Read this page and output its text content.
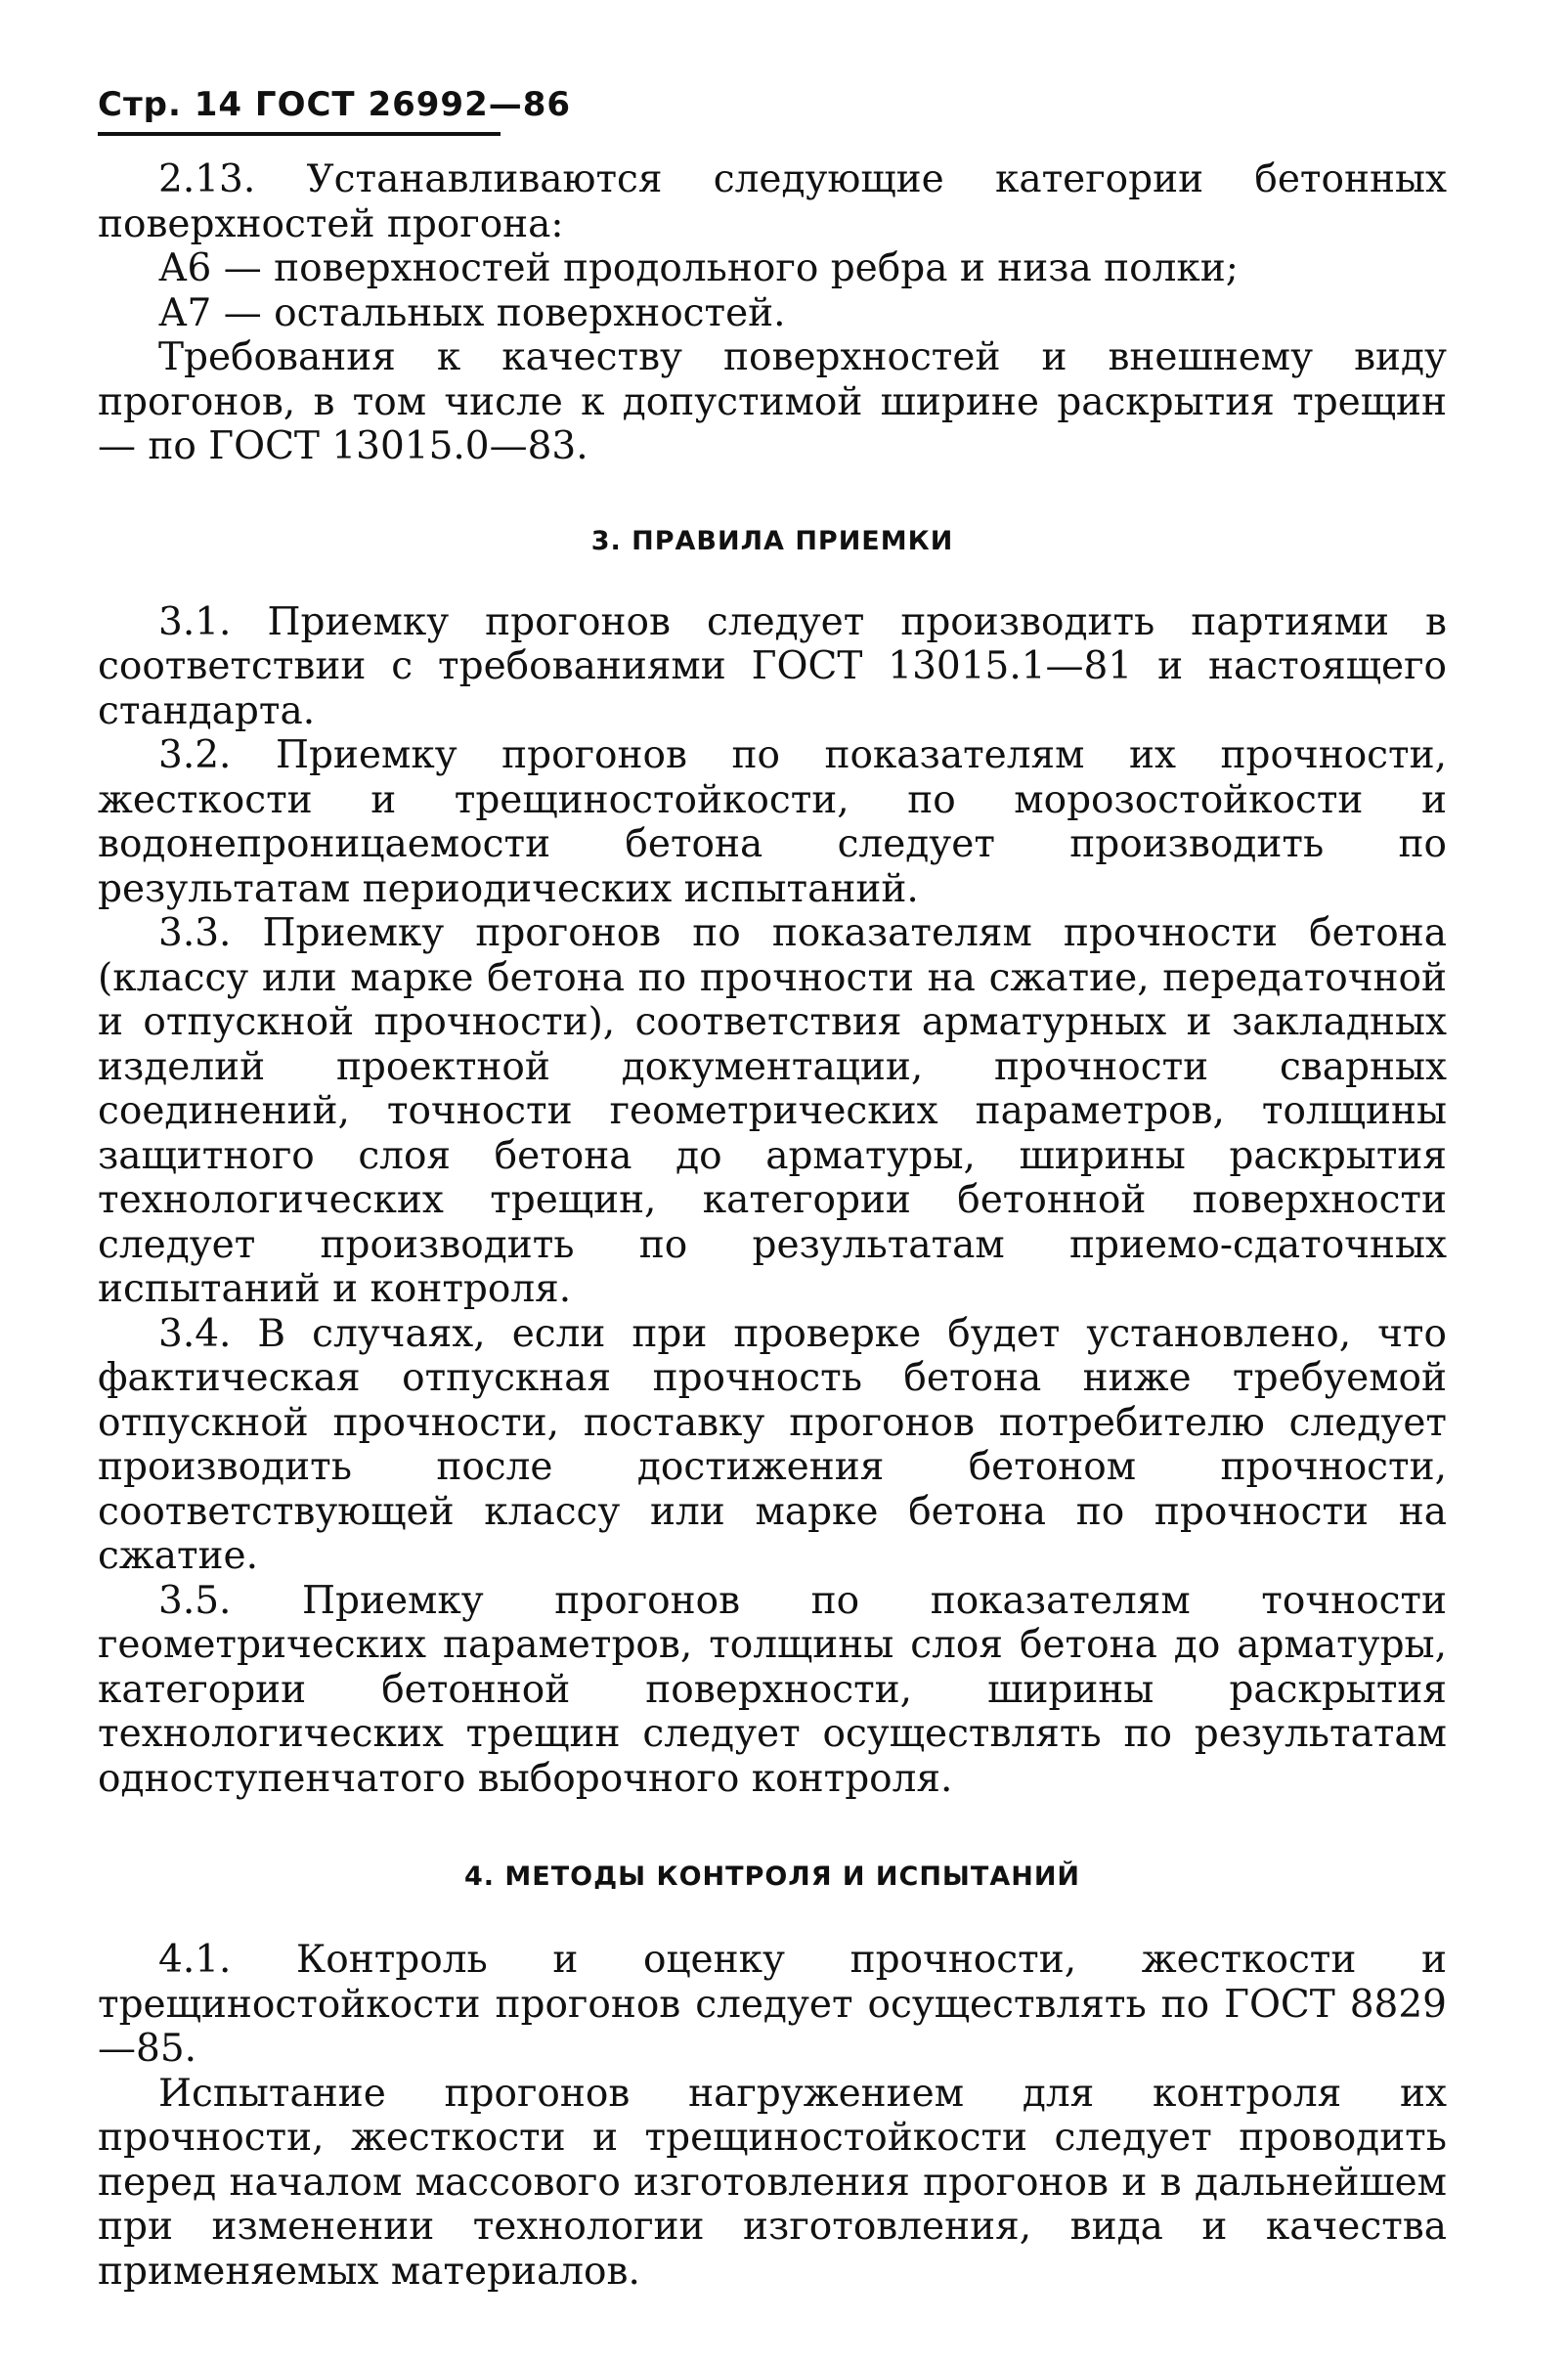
Стр. 14 ГОСТ 26992—86

2.13. Устанавливаются следующие категории бетонных поверхностей прогона:

А6 — поверхностей продольного ребра и низа полки;

А7 — остальных поверхностей.

Требования к качеству поверхностей и внешнему виду прогонов, в том числе к допустимой ширине раскрытия трещин — по ГОСТ 13015.0—83.

3. ПРАВИЛА ПРИЕМКИ

3.1. Приемку прогонов следует производить партиями в соответствии с требованиями ГОСТ 13015.1—81 и настоящего стандарта.

3.2. Приемку прогонов по показателям их прочности, жесткости и трещиностойкости, по морозостойкости и водонепроницаемости бетона следует производить по результатам периодических испытаний.

3.3. Приемку прогонов по показателям прочности бетона (классу или марке бетона по прочности на сжатие, передаточной и отпускной прочности), соответствия арматурных и закладных изделий проектной документации, прочности сварных соединений, точности геометрических параметров, толщины защитного слоя бетона до арматуры, ширины раскрытия технологических трещин, категории бетонной поверхности следует производить по результатам приемо-сдаточных испытаний и контроля.

3.4. В случаях, если при проверке будет установлено, что фактическая отпускная прочность бетона ниже требуемой отпускной прочности, поставку прогонов потребителю следует производить после достижения бетоном прочности, соответствующей классу или марке бетона по прочности на сжатие.

3.5. Приемку прогонов по показателям точности геометрических параметров, толщины слоя бетона до арматуры, категории бетонной поверхности, ширины раскрытия технологических трещин следует осуществлять по результатам одноступенчатого выборочного контроля.

4. МЕТОДЫ КОНТРОЛЯ И ИСПЫТАНИЙ

4.1. Контроль и оценку прочности, жесткости и трещиностойкости прогонов следует осуществлять по ГОСТ 8829—85.

Испытание прогонов нагружением для контроля их прочности, жесткости и трещиностойкости следует проводить перед началом массового изготовления прогонов и в дальнейшем при изменении технологии изготовления, вида и качества применяемых материалов.
